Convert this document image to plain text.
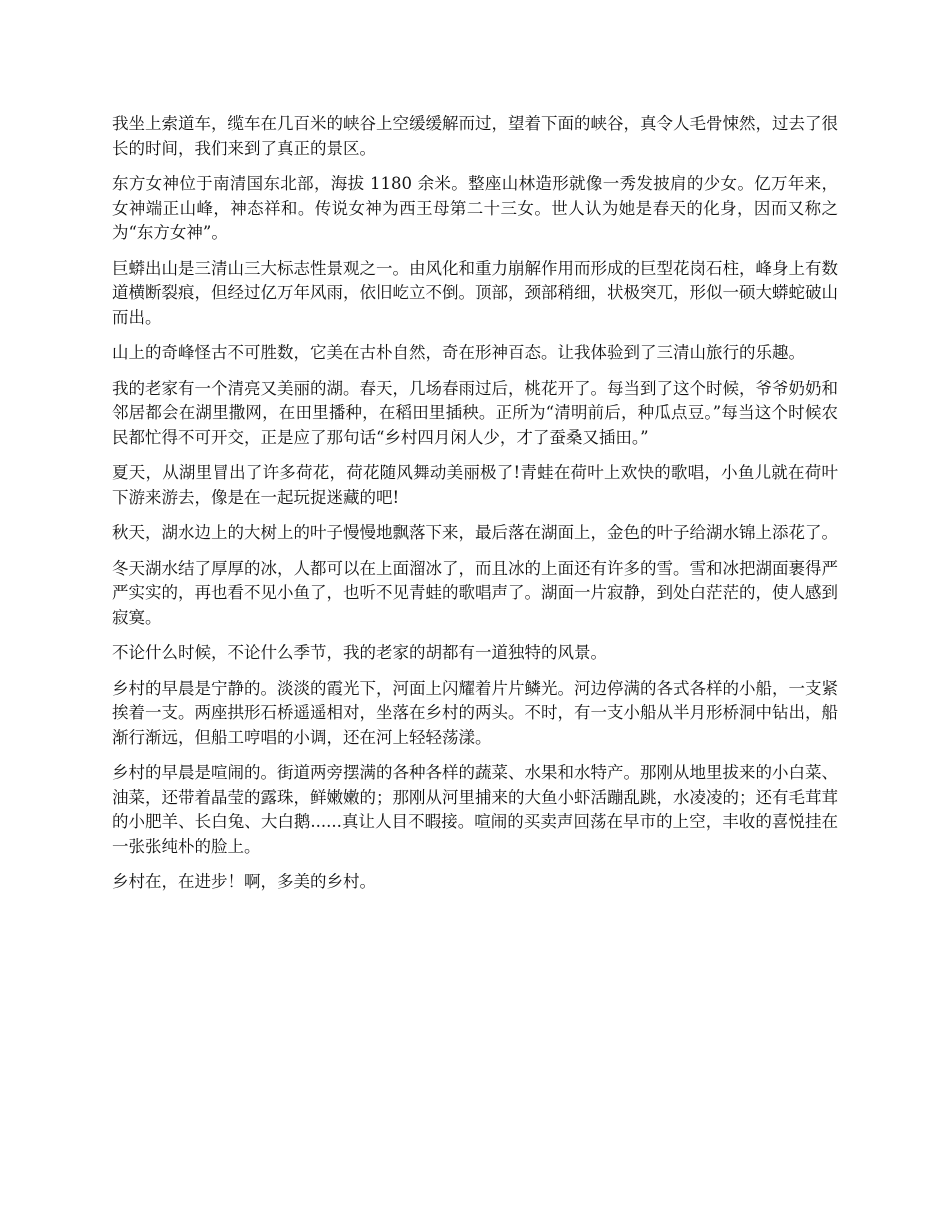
我坐上索道车，缆车在几百米的峡谷上空缓缓解而过，望着下面的峡谷，真令人毛骨悚然，过去了很长的时间，我们来到了真正的景区。

东方女神位于南清国东北部，海拔 1180 余米。整座山林造形就像一秀发披肩的少女。亿万年来，女神端正山峰，神态祥和。传说女神为西王母第二十三女。世人认为她是春天的化身，因而又称之为“东方女神”。

巨蟒出山是三清山三大标志性景观之一。由风化和重力崩解作用而形成的巨型花岗石柱，峰身上有数道横断裂痕，但经过亿万年风雨，依旧屹立不倒。顶部，颈部稍细，状极突兀，形似一硕大蟒蛇破山而出。

山上的奇峰怪古不可胜数，它美在古朴自然，奇在形神百态。让我体验到了三清山旅行的乐趣。

我的老家有一个清亮又美丽的湖。春天，几场春雨过后，桃花开了。每当到了这个时候，爷爷奶奶和邻居都会在湖里撒网，在田里播种，在稻田里插秧。正所为“清明前后，种瓜点豆。”每当这个时候农民都忙得不可开交，正是应了那句话“乡村四月闲人少，才了蚕桑又插田。”

夏天，从湖里冒出了许多荷花，荷花随风舞动美丽极了!青蛙在荷叶上欢快的歌唱，小鱼儿就在荷叶下游来游去，像是在一起玩捉迷藏的吧!

秋天，湖水边上的大树上的叶子慢慢地飘落下来，最后落在湖面上，金色的叶子给湖水锦上添花了。

冬天湖水结了厚厚的冰，人都可以在上面溜冰了，而且冰的上面还有许多的雪。雪和冰把湖面裹得严严实实的，再也看不见小鱼了，也听不见青蛙的歌唱声了。湖面一片寂静，到处白茫茫的，使人感到寂寞。

不论什么时候，不论什么季节，我的老家的胡都有一道独特的风景。

乡村的早晨是宁静的。淡淡的霞光下，河面上闪耀着片片鳞光。河边停满的各式各样的小船，一支紧挨着一支。两座拱形石桥遥遥相对，坐落在乡村的两头。不时，有一支小船从半月形桥洞中钻出，船渐行渐远，但船工哼唱的小调，还在河上轻轻荡漾。

乡村的早晨是喧闹的。街道两旁摆满的各种各样的蔬菜、水果和水特产。那刚从地里拔来的小白菜、油菜，还带着晶莹的露珠，鲜嫩嫩的；那刚从河里捕来的大鱼小虾活蹦乱跳，水凌凌的；还有毛茸茸的小肥羊、长白兔、大白鹅......真让人目不暇接。喧闹的买卖声回荡在早市的上空，丰收的喜悦挂在一张张纯朴的脸上。

乡村在，在进步！啊，多美的乡村。
